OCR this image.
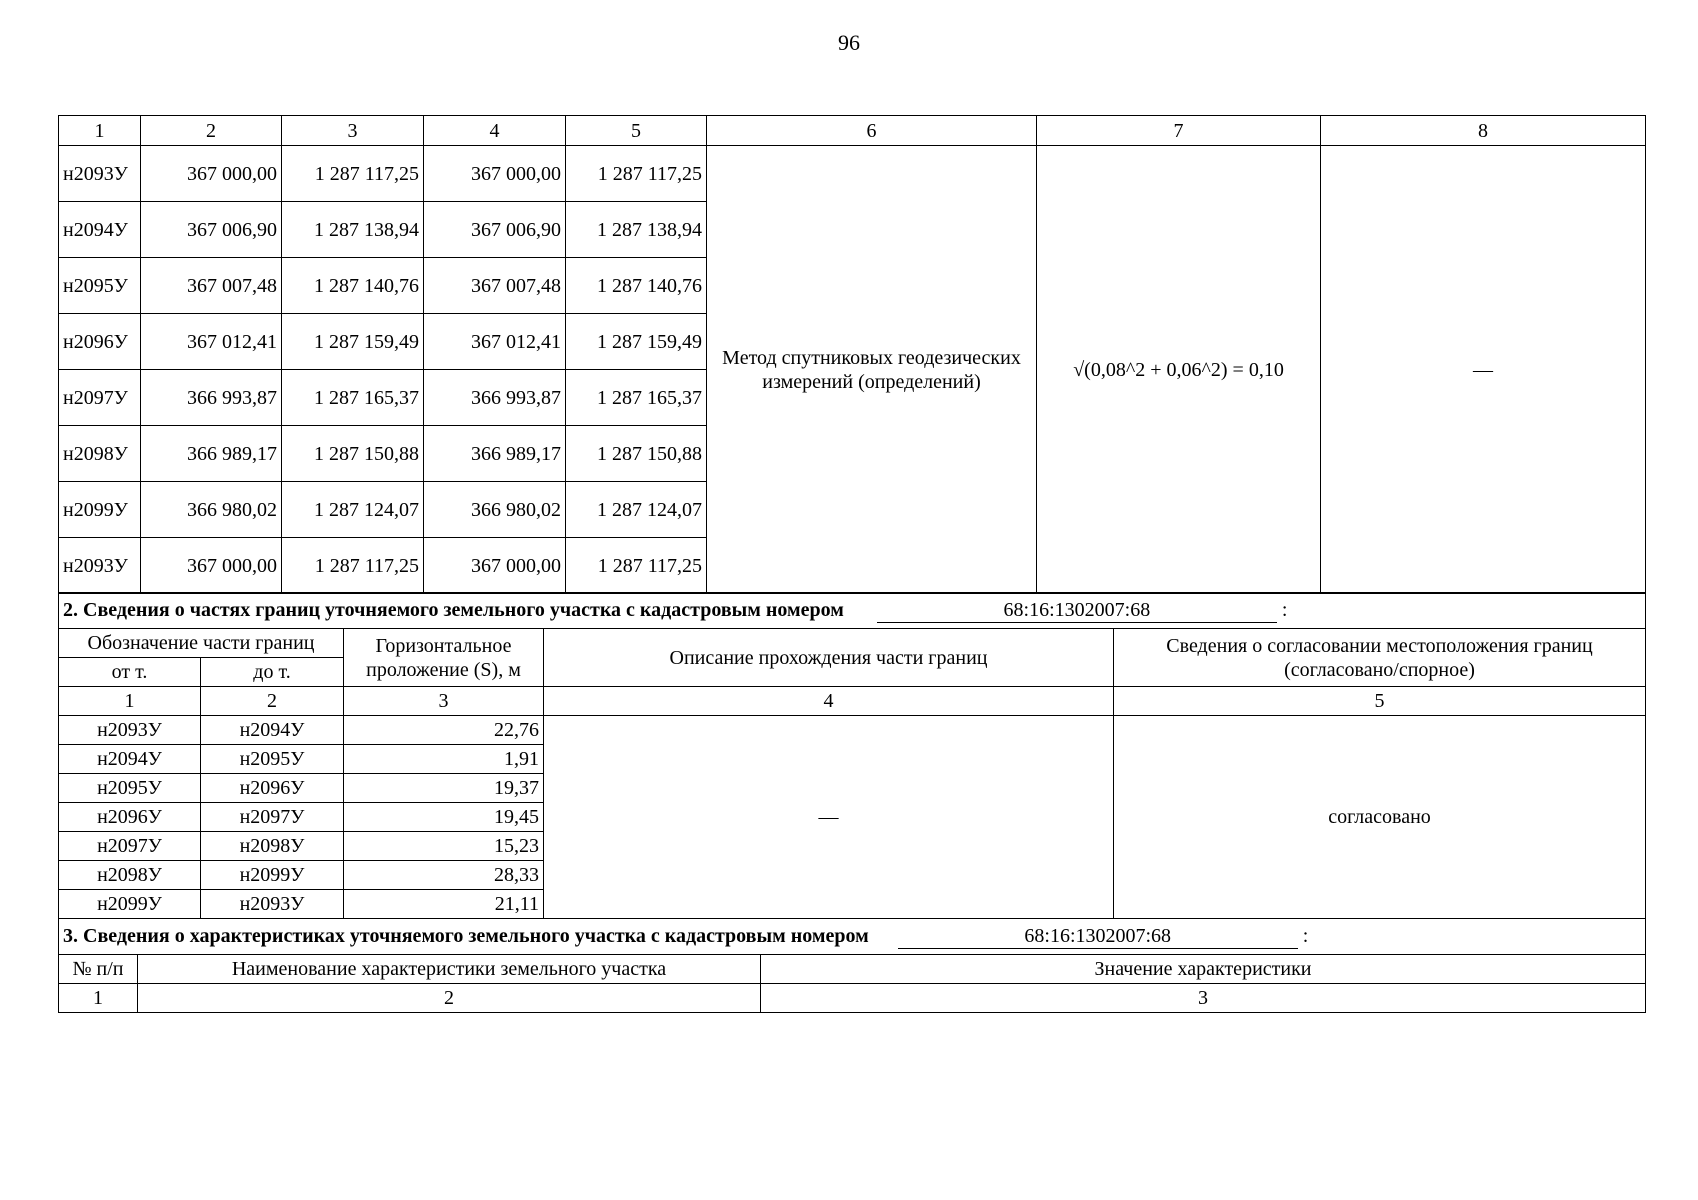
96
1	2	3	4	5	6	7	8
н2093У	367 000,00	1 287 117,25	367 000,00	1 287 117,25	Метод спутниковых геодезических измерений (определений)	√(0,08^2 + 0,06^2) = 0,10	—
н2094У	367 006,90	1 287 138,94	367 006,90	1 287 138,94			
н2095У	367 007,48	1 287 140,76	367 007,48	1 287 140,76			
н2096У	367 012,41	1 287 159,49	367 012,41	1 287 159,49			
н2097У	366 993,87	1 287 165,37	366 993,87	1 287 165,37			
н2098У	366 989,17	1 287 150,88	366 989,17	1 287 150,88			
н2099У	366 980,02	1 287 124,07	366 980,02	1 287 124,07			
н2093У	367 000,00	1 287 117,25	367 000,00	1 287 117,25			
2. Сведения о частях границ уточняемого земельного участка с кадастровым номером 68:16:1302007:68 :				
Обозначение части границ		Горизонтальное проложение (S), м	Описание прохождения части границ	Сведения о согласовании местоположения границ (согласовано/спорное)
от т.	до т.			
1	2	3	4	5
н2093У	н2094У	22,76	—	согласовано
н2094У	н2095У	1,91		
н2095У	н2096У	19,37		
н2096У	н2097У	19,45		
н2097У	н2098У	15,23		
н2098У	н2099У	28,33		
н2099У	н2093У	21,11		
3. Сведения о характеристиках уточняемого земельного участка с кадастровым номером 68:16:1302007:68 :		
№ п/п	Наименование характеристики земельного участка	Значение характеристики
1	2	3
